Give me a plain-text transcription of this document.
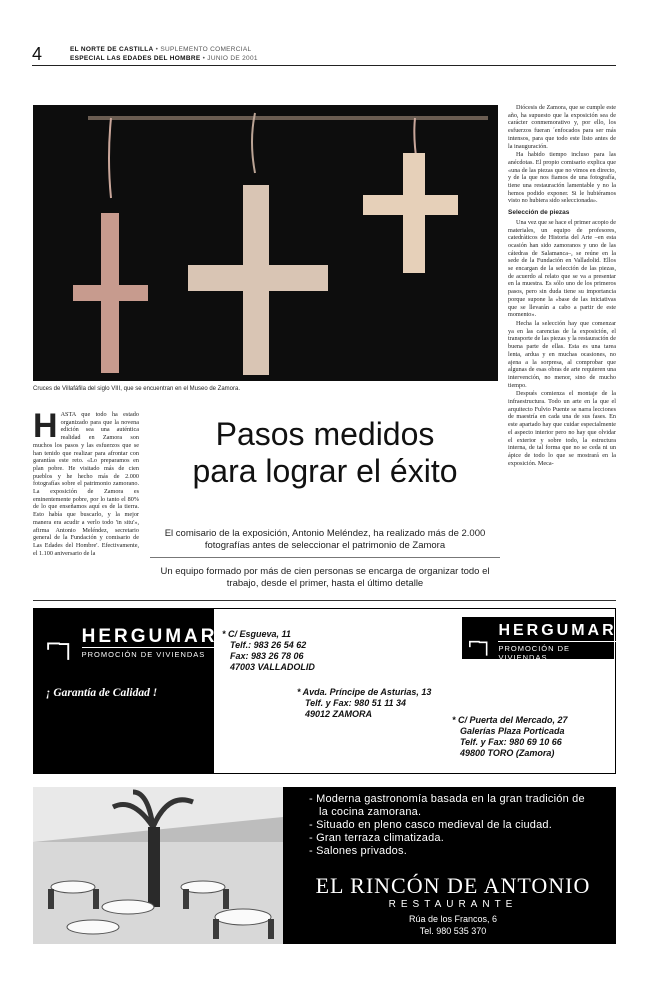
4	EL NORTE DE CASTILLA • SUPLEMENTO COMERCIAL
ESPECIAL LAS EDADES DEL HOMBRE • JUNIO DE 2001
Cruces de Villafáfila del siglo VIII, que se encuentran en el Museo de Zamora.

Diócesis de Zamora, que se cumple este año, ha supuesto que la exposición sea de carácter conmemorativo y, por ello, los esfuerzos fueran ´enfocados para ser más intensos, para que todo este listo antes de la inauguración.

Ha habido tiempo incluso para las anécdotas. El propio comisario explica que «una de las piezas que no vimos en directo, y de la que nos fiamos de una fotografía, tiene una restauración lamentable y no la hemos podido exponer. Si le hubiéramos visto no hubiera sido seleccionada».

Selección de piezas

Una vez que se hace el primer acopio de materiales, un equipo de profesores, catedráticos de Historia del Arte –en esta ocasión han sido zamoranos y uno de las cátedras de Salamanca–, se reúne en la sede de la Fundación en Valladolid. Ellos se encargan de la selección de las piezas, de acuerdo al relato que se va a presentar en la muestra. Es sólo uno de los primeros pasos, pero sin duda tiene su importancia porque supone la «base de las iniciativas que se llevarán a cabo a partir de este momento».

Hecha la selección hay que comenzar ya en las carencias de la exposición, el transporte de las piezas y la restauración de buena parte de ellas. Esta es una tarea lenta, ardua y en muchas ocasiones, no ajena a la sorpresa, al comprobar que algunas de esas obras de arte requieren una intervención, no menor, sino de mucho tiempo.

Después comienza el montaje de la infraestructura. Todo un arte en la que el arquitecto Fulvio Puente se narra lecciones de maestría en cada una de sus fases. En este apartado hay que cuidar especialmente el aspecto interior pero no hay que olvidar el exterior y sobre todo, la estructura interna, de tal forma que no se ceda ni un ápice de todo lo que se mostrará en la exposición. Meca-

HASTA que todo ha estado organizado para que la novena edición sea una auténtica realidad en Zamora son muchos los pasos y las esfuerzos que se han tenido que realizar para afrontar con garantías este reto. «Lo preparamos en plan pobre. He visitado más de cien pueblos y he hecho más de 2.000 fotografías sobre el patrimonio zamorano. La exposición de Zamora es eminentemente pobre, por lo tanto el 80% de lo que enseñamos aquí es de la tierra. Esto había que buscarlo, y la mejor manera era acudir a verlo todo 'in situ'», afirma Antonio Meléndez, secretario general de la Fundación y comisario de Las Edades del Hombre'. Efectivamente, el 1.100 aniversario de la
Pasos medidos
para lograr el éxito
El comisario de la exposición, Antonio Meléndez, ha realizado más de 2.000 fotografías antes de seleccionar el patrimonio de Zamora
Un equipo formado por más de cien personas se encarga de organizar todo el trabajo, desde el primer, hasta el último detalle
⌐┐ HERGUMAR
PROMOCIÓN DE VIVIENDAS
¡ Garantía de Calidad !
⌐┐ HERGUMAR
PROMOCIÓN DE VIVIENDAS
* C/ Esgueva, 11
Telf.: 983 26 54 62
Fax: 983 26 78 06
47003 VALLADOLID
* Avda. Príncipe de Asturias, 13
Telf. y Fax: 980 51 11 34
49012 ZAMORA
* C/ Puerta del Mercado, 27
Galerías Plaza Porticada
Telf. y Fax: 980 69 10 66
49800 TORO (Zamora)
- Moderna gastronomía basada en la gran tradición de
la cocina zamorana.
- Situado en pleno casco medieval de la ciudad.
- Gran terraza climatizada.
- Salones privados.
EL RINCÓN DE ANTONIO
RESTAURANTE
Rúa de los Francos, 6
Tel. 980 535 370
